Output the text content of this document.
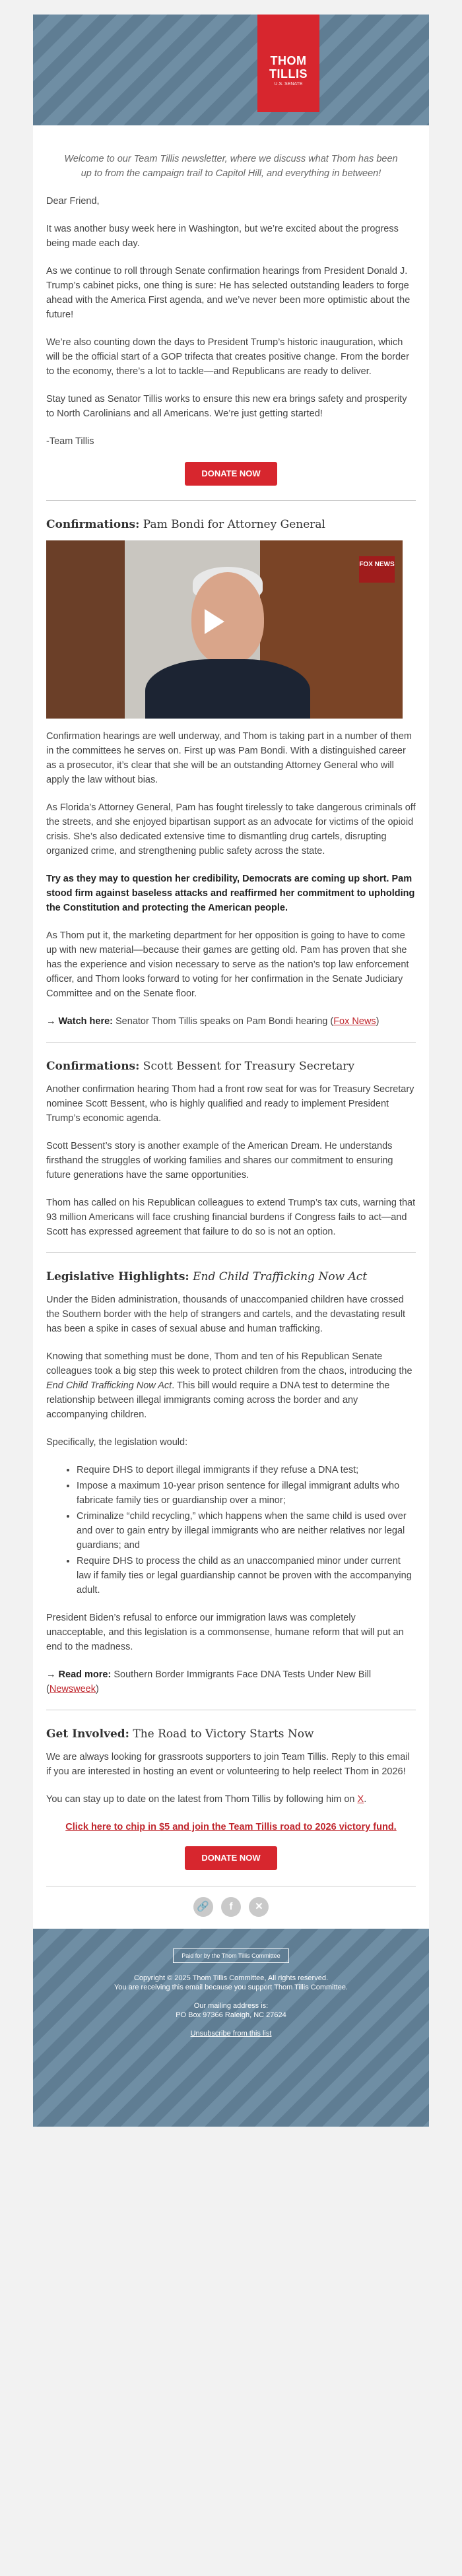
THOM
TILLIS
U.S. SENATE
Welcome to our Team Tillis newsletter, where we discuss what Thom has been up to from the campaign trail to Capitol Hill, and everything in between!

Dear Friend,

It was another busy week here in Washington, but we’re excited about the progress being made each day.

As we continue to roll through Senate confirmation hearings from President Donald J. Trump’s cabinet picks, one thing is sure: He has selected outstanding leaders to forge ahead with the America First agenda, and we’ve never been more optimistic about the future!

We’re also counting down the days to President Trump’s historic inauguration, which will be the official start of a GOP trifecta that creates positive change. From the border to the economy, there’s a lot to tackle—and Republicans are ready to deliver.

Stay tuned as Senator Tillis works to ensure this new era brings safety and prosperity to North Carolinians and all Americans. We’re just getting started!

-Team Tillis

DONATE NOW
Confirmations: Pam Bondi for Attorney General
FOX NEWS

Confirmation hearings are well underway, and Thom is taking part in a number of them in the committees he serves on. First up was Pam Bondi. With a distinguished career as a prosecutor, it’s clear that she will be an outstanding Attorney General who will apply the law without bias.

As Florida’s Attorney General, Pam has fought tirelessly to take dangerous criminals off the streets, and she enjoyed bipartisan support as an advocate for victims of the opioid crisis. She’s also dedicated extensive time to dismantling drug cartels, disrupting organized crime, and strengthening public safety across the state.

Try as they may to question her credibility, Democrats are coming up short. Pam stood firm against baseless attacks and reaffirmed her commitment to upholding the Constitution and protecting the American people.

As Thom put it, the marketing department for her opposition is going to have to come up with new material—because their games are getting old. Pam has proven that she has the experience and vision necessary to serve as the nation’s top law enforcement officer, and Thom looks forward to voting for her confirmation in the Senate Judiciary Committee and on the Senate floor.

→ Watch here: Senator Thom Tillis speaks on Pam Bondi hearing (Fox News)

Confirmations: Scott Bessent for Treasury Secretary

Another confirmation hearing Thom had a front row seat for was for Treasury Secretary nominee Scott Bessent, who is highly qualified and ready to implement President Trump’s economic agenda.

Scott Bessent’s story is another example of the American Dream. He understands firsthand the struggles of working families and shares our commitment to ensuring future generations have the same opportunities.

Thom has called on his Republican colleagues to extend Trump’s tax cuts, warning that 93 million Americans will face crushing financial burdens if Congress fails to act—and Scott has expressed agreement that failure to do so is not an option.

Legislative Highlights: End Child Trafficking Now Act

Under the Biden administration, thousands of unaccompanied children have crossed the Southern border with the help of strangers and cartels, and the devastating result has been a spike in cases of sexual abuse and human trafficking.

Knowing that something must be done, Thom and ten of his Republican Senate colleagues took a big step this week to protect children from the chaos, introducing the End Child Trafficking Now Act. This bill would require a DNA test to determine the relationship between illegal immigrants coming across the border and any accompanying children.

Specifically, the legislation would:

• Require DHS to deport illegal immigrants if they refuse a DNA test;
• Impose a maximum 10-year prison sentence for illegal immigrant adults who fabricate family ties or guardianship over a minor;
• Criminalize “child recycling,” which happens when the same child is used over and over to gain entry by illegal immigrants who are neither relatives nor legal guardians; and
• Require DHS to process the child as an unaccompanied minor under current law if family ties or legal guardianship cannot be proven with the accompanying adult.

President Biden’s refusal to enforce our immigration laws was completely unacceptable, and this legislation is a commonsense, humane reform that will put an end to the madness.

→ Read more: Southern Border Immigrants Face DNA Tests Under New Bill (Newsweek)

Get Involved: The Road to Victory Starts Now

We are always looking for grassroots supporters to join Team Tillis. Reply to this email if you are interested in hosting an event or volunteering to help reelect Thom in 2026!

You can stay up to date on the latest from Thom Tillis by following him on X.

Click here to chip in $5 and join the Team Tillis road to 2026 victory fund.
DONATE NOW
🔗 f ✕
Paid for by the Thom Tillis Committee
Copyright © 2025 Thom Tillis Committee, All rights reserved.
You are receiving this email because you support Thom Tillis Committee.
Our mailing address is:
PO Box 97366 Raleigh, NC 27624
Unsubscribe from this list
